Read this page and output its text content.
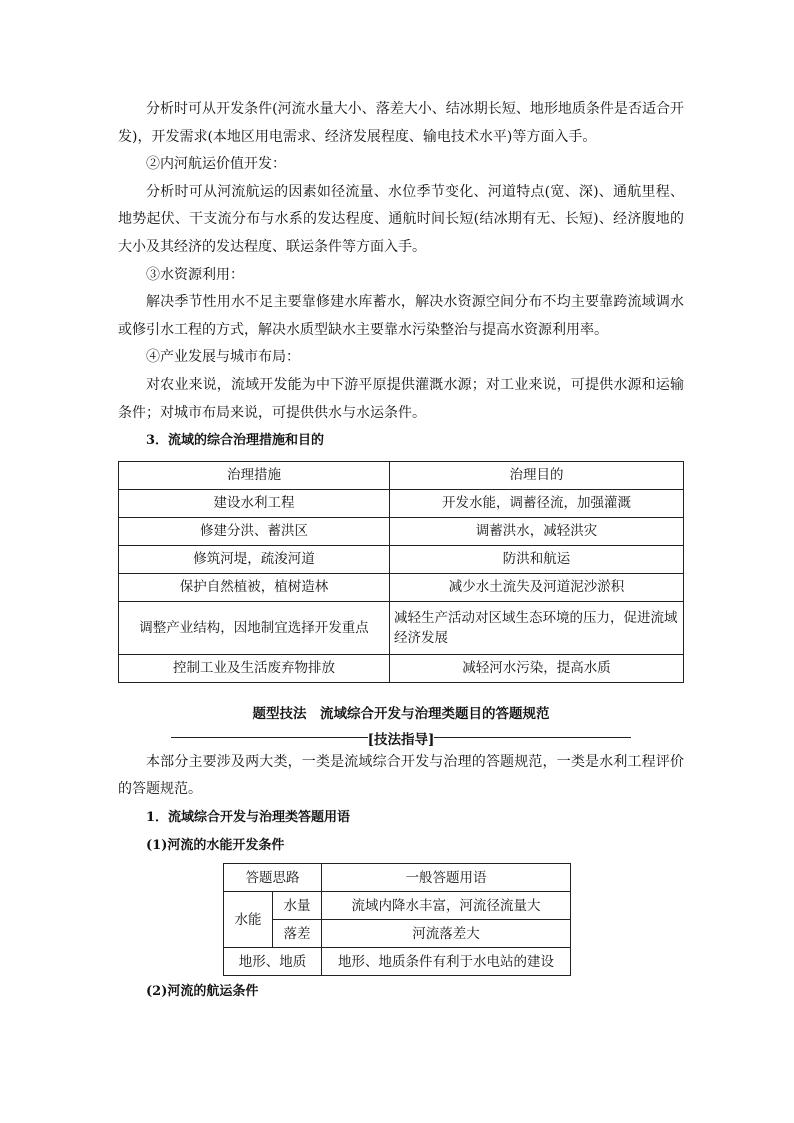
分析时可从开发条件(河流水量大小、落差大小、结冰期长短、地形地质条件是否适合开发)，开发需求(本地区用电需求、经济发展程度、输电技术水平)等方面入手。

②内河航运价值开发：

分析时可从河流航运的因素如径流量、水位季节变化、河道特点(宽、深)、通航里程、地势起伏、干支流分布与水系的发达程度、通航时间长短(结冰期有无、长短)、经济腹地的大小及其经济的发达程度、联运条件等方面入手。

③水资源利用：

解决季节性用水不足主要靠修建水库蓄水，解决水资源空间分布不均主要靠跨流域调水或修引水工程的方式，解决水质型缺水主要靠水污染整治与提高水资源利用率。

④产业发展与城市布局：

对农业来说，流域开发能为中下游平原提供灌溉水源；对工业来说，可提供水源和运输条件；对城市布局来说，可提供供水与水运条件。

3．流域的综合治理措施和目的

治理措施	治理目的
建设水利工程	开发水能，调蓄径流，加强灌溉
修建分洪、蓄洪区	调蓄洪水，减轻洪灾
修筑河堤，疏浚河道	防洪和航运
保护自然植被，植树造林	减少水土流失及河道泥沙淤积
调整产业结构，因地制宜选择开发重点	减轻生产活动对区域生态环境的压力，促进流域经济发展
控制工业及生活废弃物排放	减轻河水污染，提高水质
题型技法　流域综合开发与治理类题目的答题规范
[技法指导]

本部分主要涉及两大类，一类是流域综合开发与治理的答题规范，一类是水利工程评价的答题规范。

1．流域综合开发与治理类答题用语

(1)河流的水能开发条件

答题思路		一般答题用语
水能	水量	流域内降水丰富，河流径流量大
	落差	河流落差大
地形、地质		地形、地质条件有利于水电站的建设

(2)河流的航运条件
